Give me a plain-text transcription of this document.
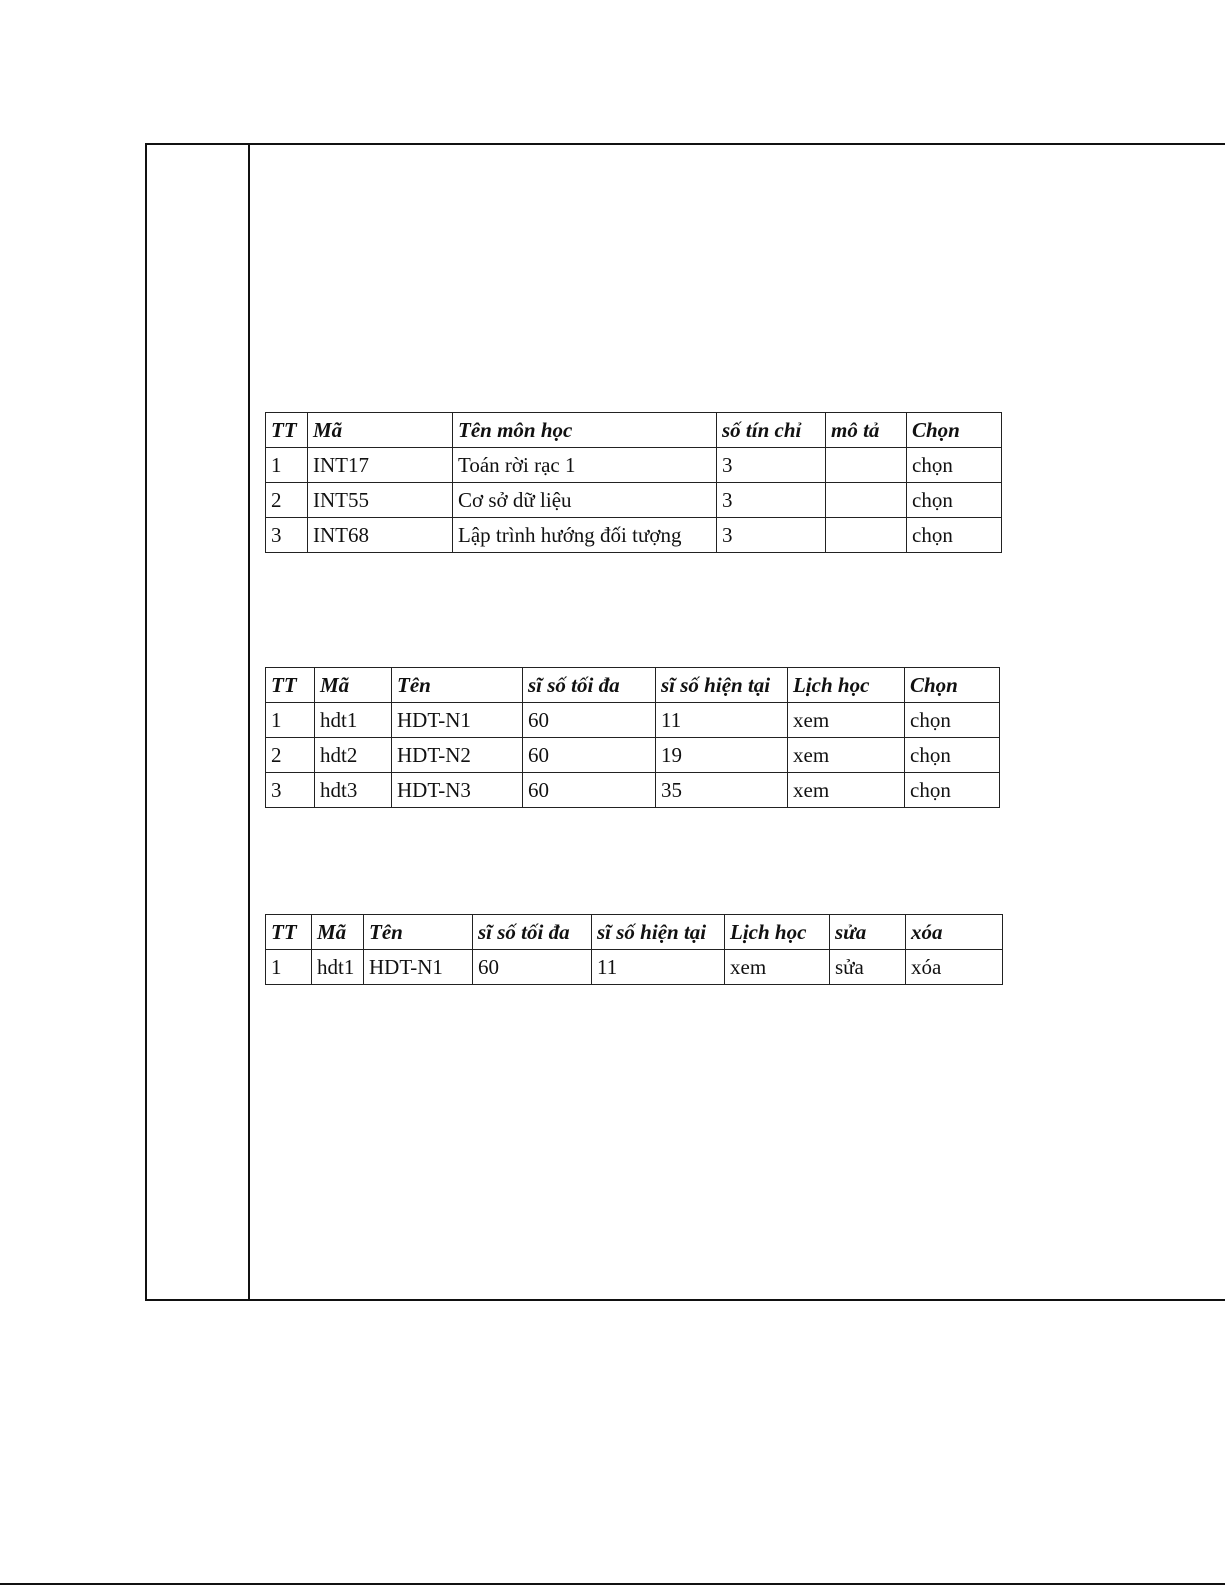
TT	Mã	Tên môn học	số tín chỉ	mô tả	Chọn
1	INT17	Toán rời rạc 1	3		chọn
2	INT55	Cơ sở dữ liệu	3		chọn
3	INT68	Lập trình hướng đối tượng	3		chọn
TT	Mã	Tên	sĩ số tối đa	sĩ số hiện tại	Lịch học	Chọn
1	hdt1	HDT-N1	60	11	xem	chọn
2	hdt2	HDT-N2	60	19	xem	chọn
3	hdt3	HDT-N3	60	35	xem	chọn
TT	Mã	Tên	sĩ số tối đa	sĩ số hiện tại	Lịch học	sửa	xóa
1	hdt1	HDT-N1	60	11	xem	sửa	xóa
